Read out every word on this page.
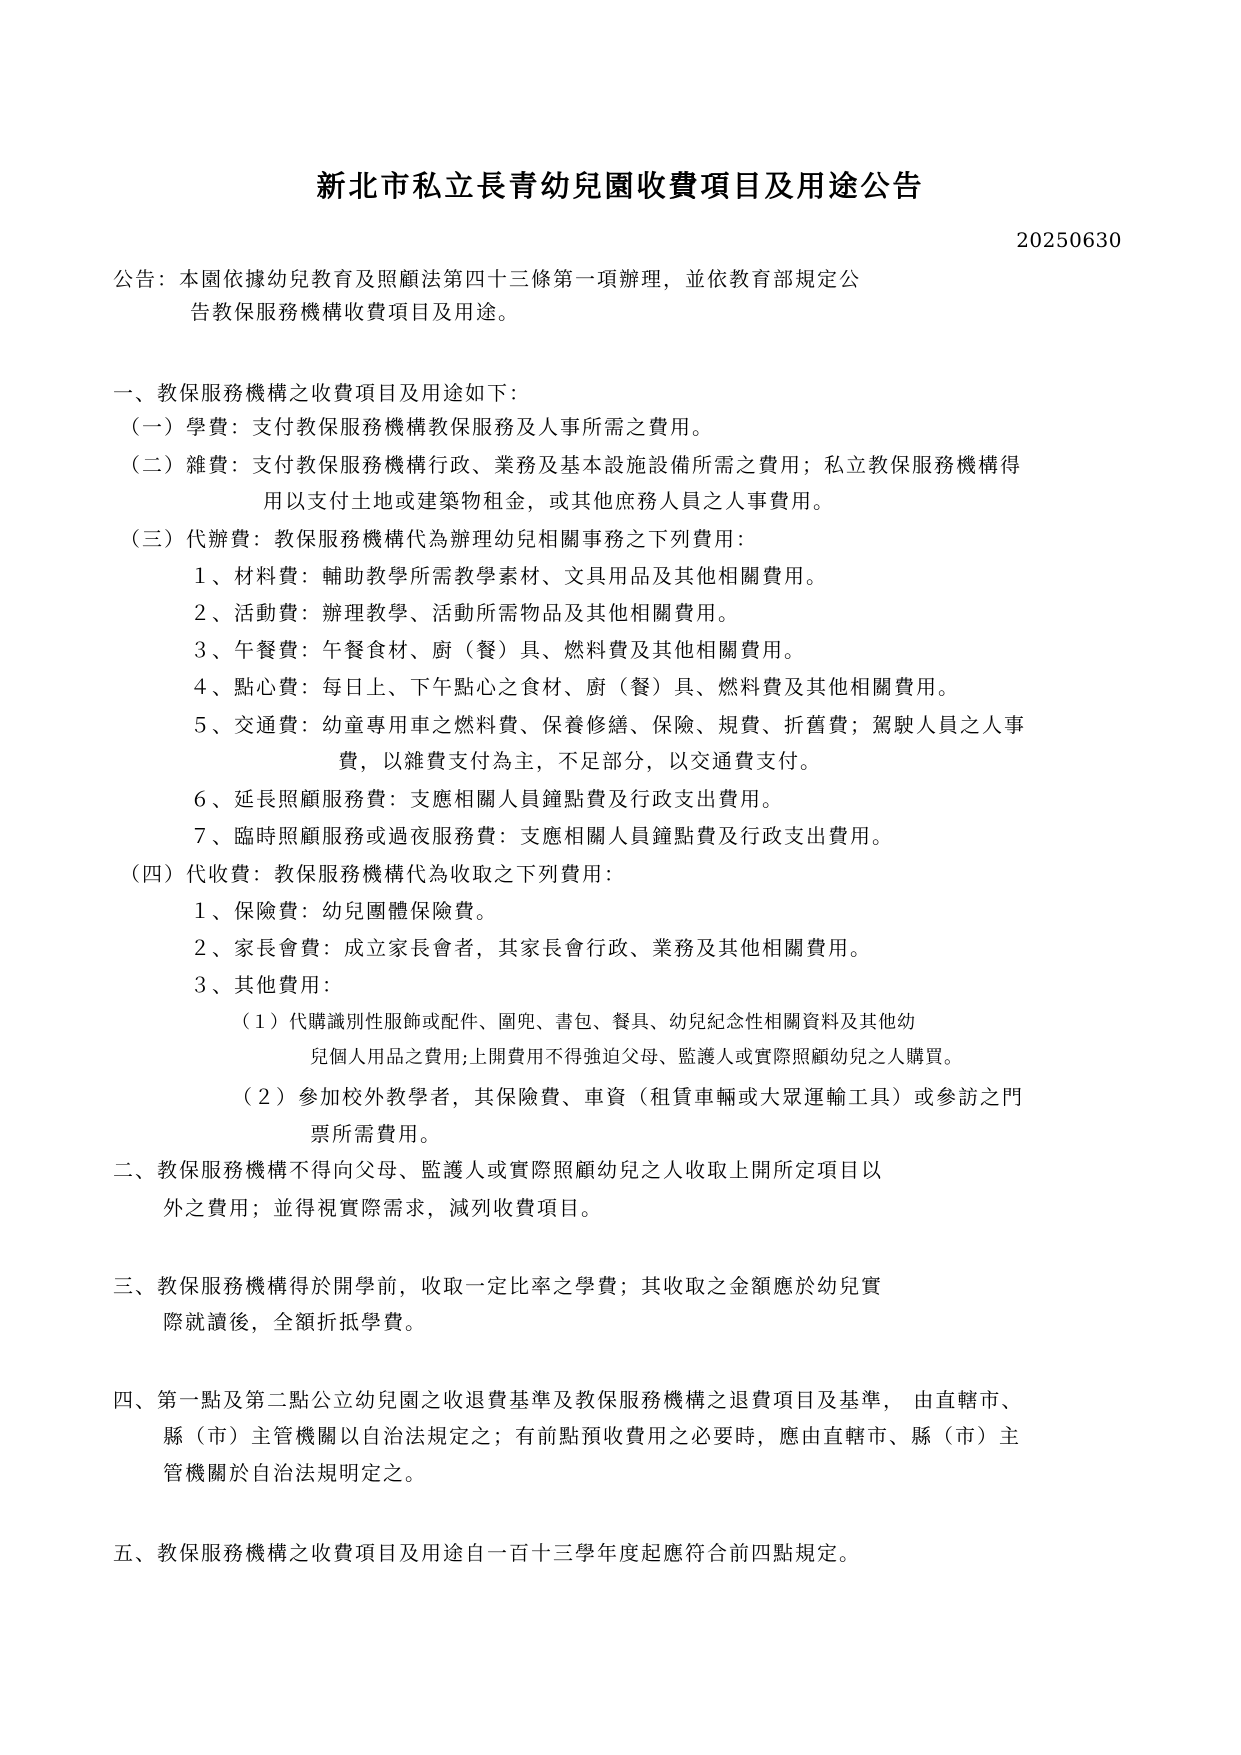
新北市私立長青幼兒園收費項目及用途公告
20250630
公告：本園依據幼兒教育及照顧法第四十三條第一項辦理，並依教育部規定公
告教保服務機構收費項目及用途。
一、教保服務機構之收費項目及用途如下：
（一）學費：支付教保服務機構教保服務及人事所需之費用。
（二）雜費：支付教保服務機構行政、業務及基本設施設備所需之費用；私立教保服務機構得
用以支付土地或建築物租金，或其他庶務人員之人事費用。
（三）代辦費：教保服務機構代為辦理幼兒相關事務之下列費用：
１、材料費：輔助教學所需教學素材、文具用品及其他相關費用。
２、活動費：辦理教學、活動所需物品及其他相關費用。
３、午餐費：午餐食材、廚（餐）具、燃料費及其他相關費用。
４、點心費：每日上、下午點心之食材、廚（餐）具、燃料費及其他相關費用。
５、交通費：幼童專用車之燃料費、保養修繕、保險、規費、折舊費；駕駛人員之人事
費，以雜費支付為主，不足部分，以交通費支付。
６、延長照顧服務費：支應相關人員鐘點費及行政支出費用。
７、臨時照顧服務或過夜服務費：支應相關人員鐘點費及行政支出費用。
（四）代收費：教保服務機構代為收取之下列費用：
１、保險費：幼兒團體保險費。
２、家長會費：成立家長會者，其家長會行政、業務及其他相關費用。
３、其他費用：
（１）代購識別性服飾或配件、圍兜、書包、餐具、幼兒紀念性相關資料及其他幼
兒個人用品之費用;上開費用不得強迫父母、監護人或實際照顧幼兒之人購買。
（２）參加校外教學者，其保險費、車資（租賃車輛或大眾運輸工具）或參訪之門
票所需費用。
二、教保服務機構不得向父母、監護人或實際照顧幼兒之人收取上開所定項目以
外之費用；並得視實際需求，減列收費項目。
三、教保服務機構得於開學前，收取一定比率之學費；其收取之金額應於幼兒實
際就讀後，全額折抵學費。
四、第一點及第二點公立幼兒園之收退費基準及教保服務機構之退費項目及基準， 由直轄市、
縣（市）主管機關以自治法規定之；有前點預收費用之必要時，應由直轄市、縣（市）主
管機關於自治法規明定之。
五、教保服務機構之收費項目及用途自一百十三學年度起應符合前四點規定。
